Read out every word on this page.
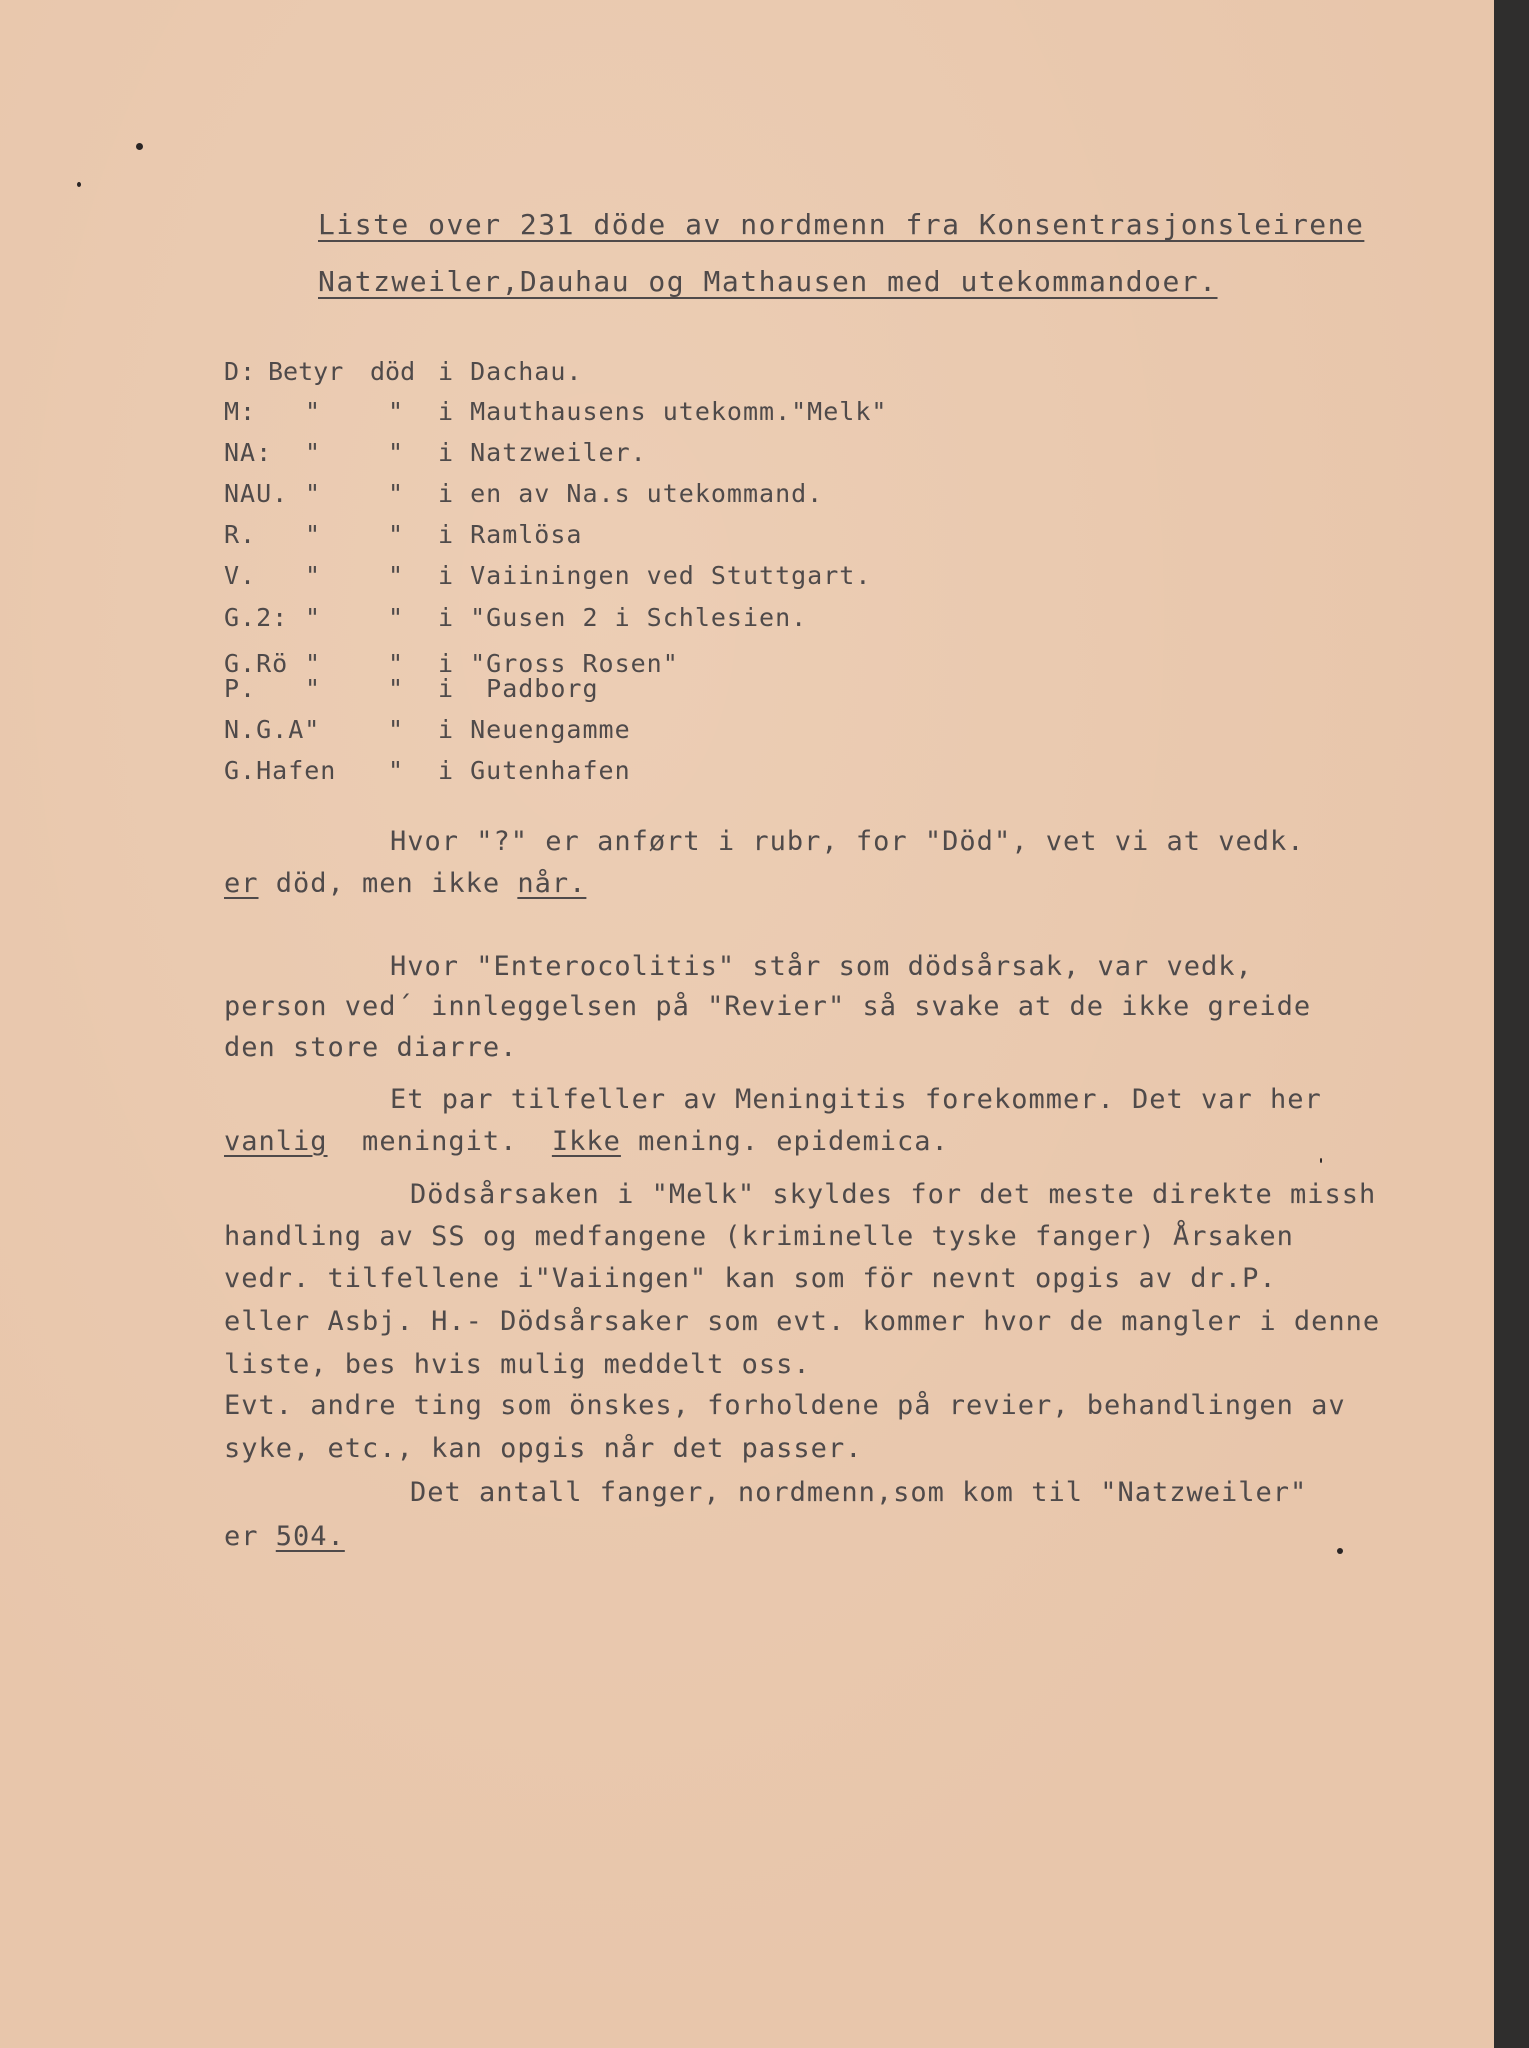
Liste over 231 döde av nordmenn fra Konsentrasjonsleirene
Natzweiler,Dauhau og Mathausen med utekommandoer.
D: Betyr död i Dachau.
M: "	" i Mauthausens utekomm."Melk"
NA: "	" i Natzweiler.
NAU. "	" i en av Na.s utekommand.
R. "	" i Ramlösa
V. "	" i Vaiiningen ved Stuttgart.
G.2: "	" i "Gusen 2 i Schlesien.
G.Rö "	" i "Gross Rosen"
P. "	" i  Padborg
N.G.A"	" i Neuengamme
G.Hafen " i Gutenhafen
Hvor "?" er anført i rubr, for "Död", vet vi at vedk.
er död, men ikke når.
Hvor "Enterocolitis" står som dödsårsak, var vedk,
person ved´ innleggelsen på "Revier" så svake at de ikke greide
den store diarre.
Et par tilfeller av Meningitis forekommer. Det var her
vanlig  meningit.  Ikke mening. epidemica.
Dödsårsaken i "Melk" skyldes for det meste direkte missh
handling av SS og medfangene (kriminelle tyske fanger) Årsaken
vedr. tilfellene i"Vaiingen" kan som för nevnt opgis av dr.P.
eller Asbj. H.- Dödsårsaker som evt. kommer hvor de mangler i denne
liste, bes hvis mulig meddelt oss.
Evt. andre ting som önskes, forholdene på revier, behandlingen av
syke, etc., kan opgis når det passer.
Det antall fanger, nordmenn,som kom til "Natzweiler"
er 504.
